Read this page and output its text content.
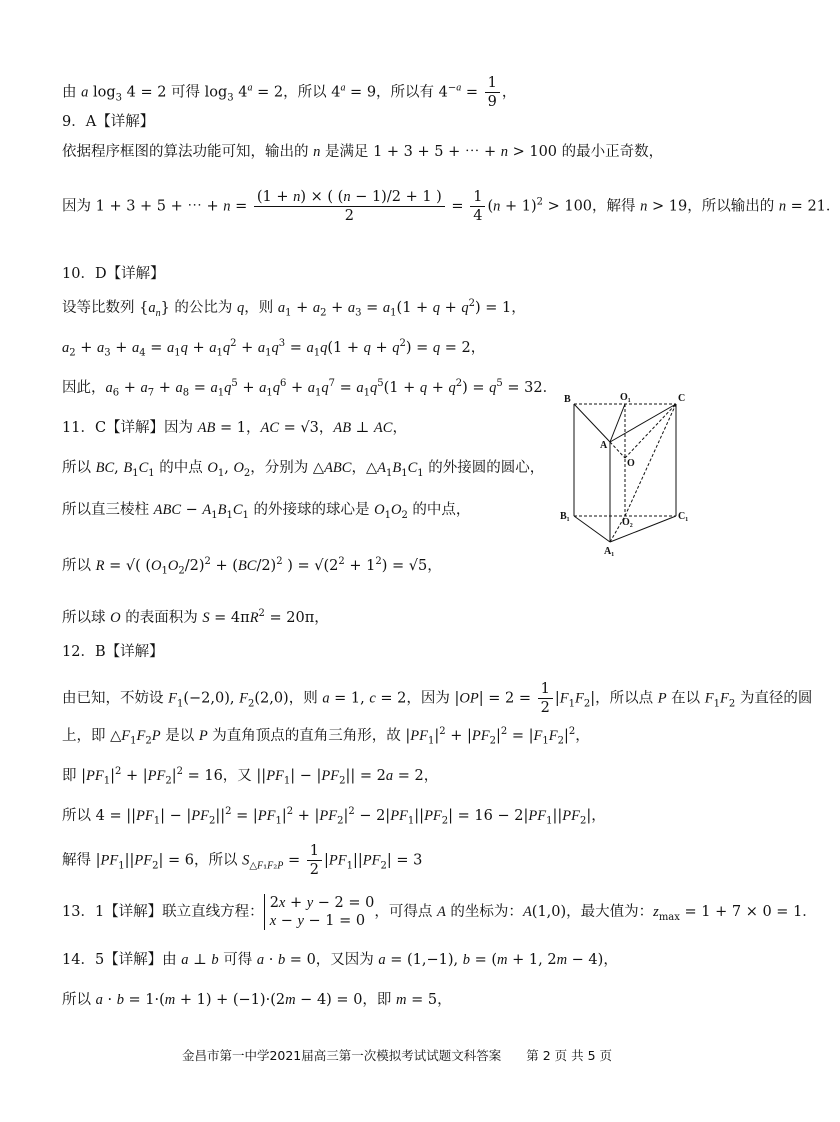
由 a $\log_3 4 = 2$ 可得 $\log_3 4^a = 2$，所以 $4^a = 9$，所以有 $4^{-a} = \frac{1}{9}$ ，
9．A【详解】
依据程序框图的算法功能可知，输出的 n 是满足 1 + 3 + 5 + ⋯ + n > 100 的最小正奇数，
因为 1 + 3 + 5 + ⋯ + $n = \frac{(1 + n) \times ( (n - 1)/2 + 1 )}{2} = \frac{1}{4} (n + 1)^2 > 100$，解得 n > 19，所以输出的 n = 21．
10．D【详解】
设等比数列 $\{a_n\}$ 的公比为 q，则 $a_1 + a_2 + a_3 = a_1(1 + q + q^2) = 1$，
$a_2 + a_3 + a_4 = a_1q + a_1q^2 + a_1q^3 = a_1q(1 + q + q^2) = q = 2$，
因此，$a_6 + a_7 + a_8 = a_1q^5 + a_1q^6 + a_1q^7 = a_1q^5(1 + q + q^2) = q^5 = 32$．
11．C【详解】因为 AB = 1，AC = √3，AB ⊥ AC，
所以 BC, $B_1C_1$ 的中点 $O_1$, $O_2$，分别为 △ABC，$\triangle A_1B_1C_1$ 的外接圆的圆心，
所以直三棱柱 ABC − $A_1B_1C_1$ 的外接球的球心是 $O_1O_2$ 的中点，
所以 R = √( $(O_1O_2/2)^2 + (BC/2)^2$ ) = $√(2^2 + 1^2) = √5$，
所以球 O 的表面积为 $S = 4\pi R^2 = 20\pi$，
12．B【详解】
由已知，不妨设 $F_1(-2,0)$, $F_2(2,0)$，则 a = 1, c = 2，因为 $|OP| = 2 = \frac{1}{2} |F_1F_2|$，所以点 P 在以 $F_1F_2$ 为直径的圆
上，即 $\triangle F_1F_2P$ 是以 P 为直角顶点的直角三角形，故 $|PF_1|^2 + |PF_2|^2 = |F_1F_2|^2$，
即 $|PF_1|^2 + |PF_2|^2 = 16$，又 $||PF_1| - |PF_2|| = 2a = 2$，
所以 $4 = ||PF_1| - |PF_2||^2 = |PF_1|^2 + |PF_2|^2 - 2|PF_1||PF_2| = 16 - 2|PF_1||PF_2|$，
解得 $|PF_1||PF_2| = 6$，所以 $S_{\triangle F_1F_2P} = \frac{1}{2} |PF_1||PF_2| = 3$
13．1【详解】联立直线方程：
2x + y − 2 = 0
x − y − 1 = 0
，可得点 A 的坐标为：A(1,0)，最大值为：$z_{max} = 1 + 7 \times 0 = 1$．
14．5【详解】由 a ⊥ b 可得 a · b = 0，又因为 a = (1,−1), b = (m + 1, 2m − 4)，
所以 a · b = 1·(m + 1) + (−1)·(2m − 4) = 0，即 m = 5，
B	O₁	C
A
O
B₁
O₂
C₁
A₁
金昌市第一中学2021届高三第一次模拟考试试题文科答案　　第 2 页 共 5 页
